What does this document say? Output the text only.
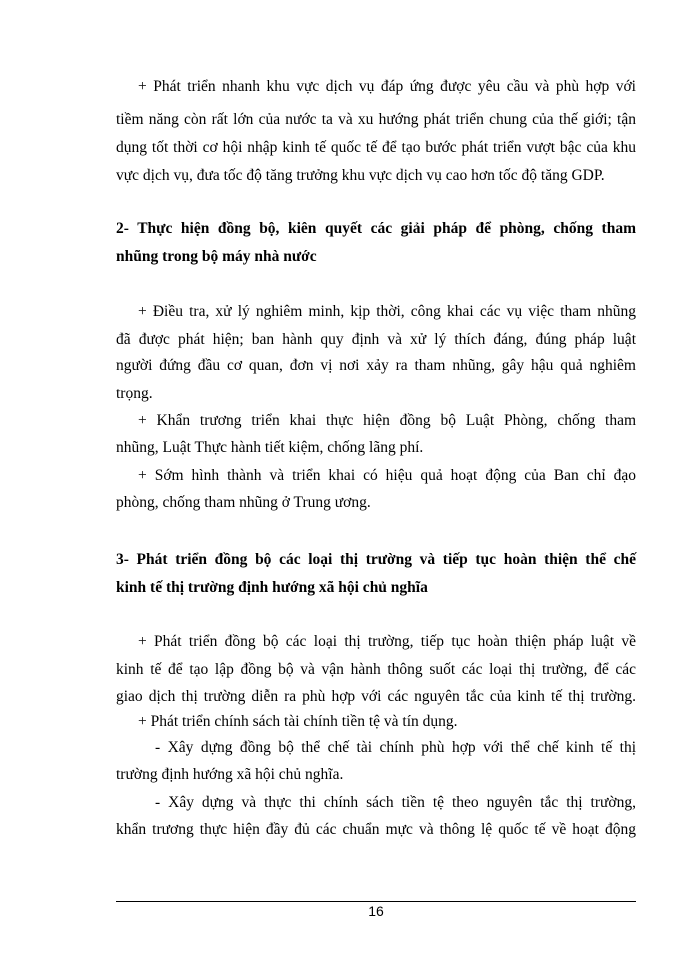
+ Phát triển nhanh khu vực dịch vụ đáp ứng được yêu cầu và phù hợp với
tiềm năng còn rất lớn của nước ta và xu hướng phát triển chung của thế giới; tận
dụng tốt thời cơ hội nhập kinh tế quốc tế để tạo bước phát triển vượt bậc của khu
vực dịch vụ, đưa tốc độ tăng trưởng khu vực dịch vụ cao hơn tốc độ tăng GDP.
2- Thực hiện đồng bộ, kiên quyết các giải pháp để phòng, chống tham
nhũng trong bộ máy nhà nước
+ Điều tra, xử lý nghiêm minh, kịp thời, công khai các vụ việc tham nhũng
đã được phát hiện; ban hành quy định và xử lý thích đáng, đúng pháp luật
người đứng đầu cơ quan, đơn vị nơi xảy ra tham nhũng, gây hậu quả nghiêm
trọng.
+ Khẩn trương triển khai thực hiện đồng bộ Luật Phòng, chống tham
nhũng, Luật Thực hành tiết kiệm, chống lãng phí.
+ Sớm hình thành và triển khai có hiệu quả hoạt động của Ban chỉ đạo
phòng, chống tham nhũng ở Trung ương.
3- Phát triển đồng bộ các loại thị trường và tiếp tục hoàn thiện thể chế
kinh tế thị trường định hướng xã hội chủ nghĩa
+ Phát triển đồng bộ các loại thị trường, tiếp tục hoàn thiện pháp luật về
kinh tế để tạo lập đồng bộ và vận hành thông suốt các loại thị trường, để các
giao dịch thị trường diễn ra phù hợp với các nguyên tắc của kinh tế thị trường.
+ Phát triển chính sách tài chính tiền tệ và tín dụng.
- Xây dựng đồng bộ thể chế tài chính phù hợp với thể chế kinh tế thị
trường định hướng xã hội chủ nghĩa.
- Xây dựng và thực thi chính sách tiền tệ theo nguyên tắc thị trường,
khẩn trương thực hiện đầy đủ các chuẩn mực và thông lệ quốc tế về hoạt động
16
